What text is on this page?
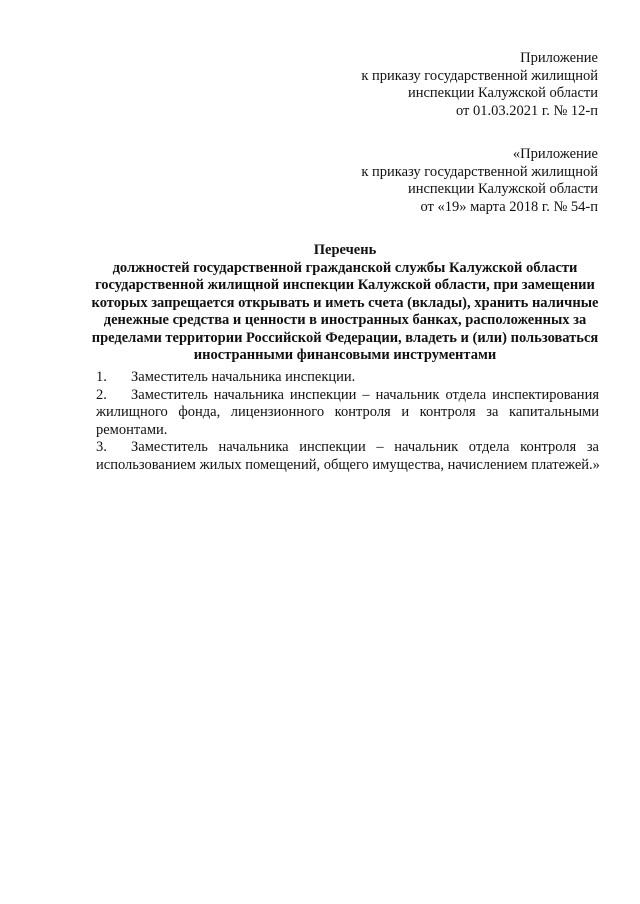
Приложение
к приказу государственной жилищной
инспекции Калужской области
от 01.03.2021 г. № 12-п
«Приложение
к приказу государственной жилищной
инспекции Калужской области
от «19» марта 2018 г. № 54-п
Перечень
должностей государственной гражданской службы Калужской области
государственной жилищной инспекции Калужской области, при замещении
которых запрещается открывать и иметь счета (вклады), хранить наличные
денежные средства и ценности в иностранных банках, расположенных за
пределами территории Российской Федерации, владеть и (или) пользоваться
иностранными финансовыми инструментами
1.	Заместитель начальника инспекции.
2.	Заместитель начальника инспекции – начальник отдела инспектирования
жилищного фонда, лицензионного контроля и контроля за капитальными
ремонтами.
3.	Заместитель начальника инспекции – начальник отдела контроля за
использованием жилых помещений, общего имущества, начислением платежей.»
